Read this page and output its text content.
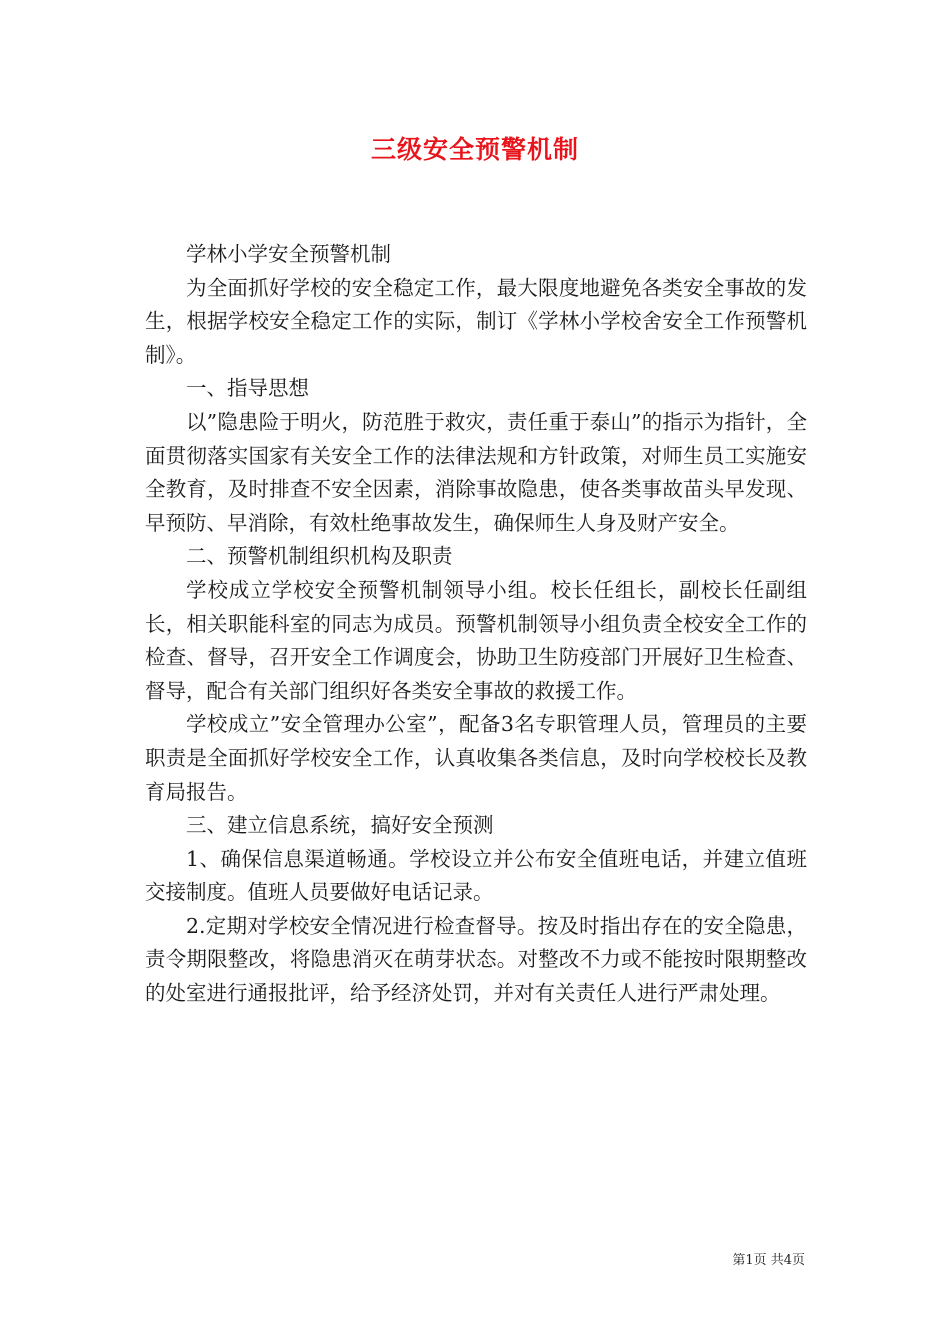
三级安全预警机制

学林小学安全预警机制

为全面抓好学校的安全稳定工作，最大限度地避免各类安全事故的发生，根据学校安全稳定工作的实际，制订《学林小学校舍安全工作预警机制》。

一、指导思想

以”隐患险于明火，防范胜于救灾，责任重于泰山”的指示为指针，全面贯彻落实国家有关安全工作的法律法规和方针政策，对师生员工实施安全教育，及时排查不安全因素，消除事故隐患，使各类事故苗头早发现、早预防、早消除，有效杜绝事故发生，确保师生人身及财产安全。

二、预警机制组织机构及职责

学校成立学校安全预警机制领导小组。校长任组长，副校长任副组长，相关职能科室的同志为成员。预警机制领导小组负责全校安全工作的检查、督导，召开安全工作调度会，协助卫生防疫部门开展好卫生检查、督导，配合有关部门组织好各类安全事故的救援工作。

学校成立”安全管理办公室”，配备3名专职管理人员，管理员的主要职责是全面抓好学校安全工作，认真收集各类信息，及时向学校校长及教育局报告。

三、建立信息系统，搞好安全预测

1、确保信息渠道畅通。学校设立并公布安全值班电话，并建立值班交接制度。值班人员要做好电话记录。

2.定期对学校安全情况进行检查督导。按及时指出存在的安全隐患，责令期限整改，将隐患消灭在萌芽状态。对整改不力或不能按时限期整改的处室进行通报批评，给予经济处罚，并对有关责任人进行严肃处理。

第1页 共4页
